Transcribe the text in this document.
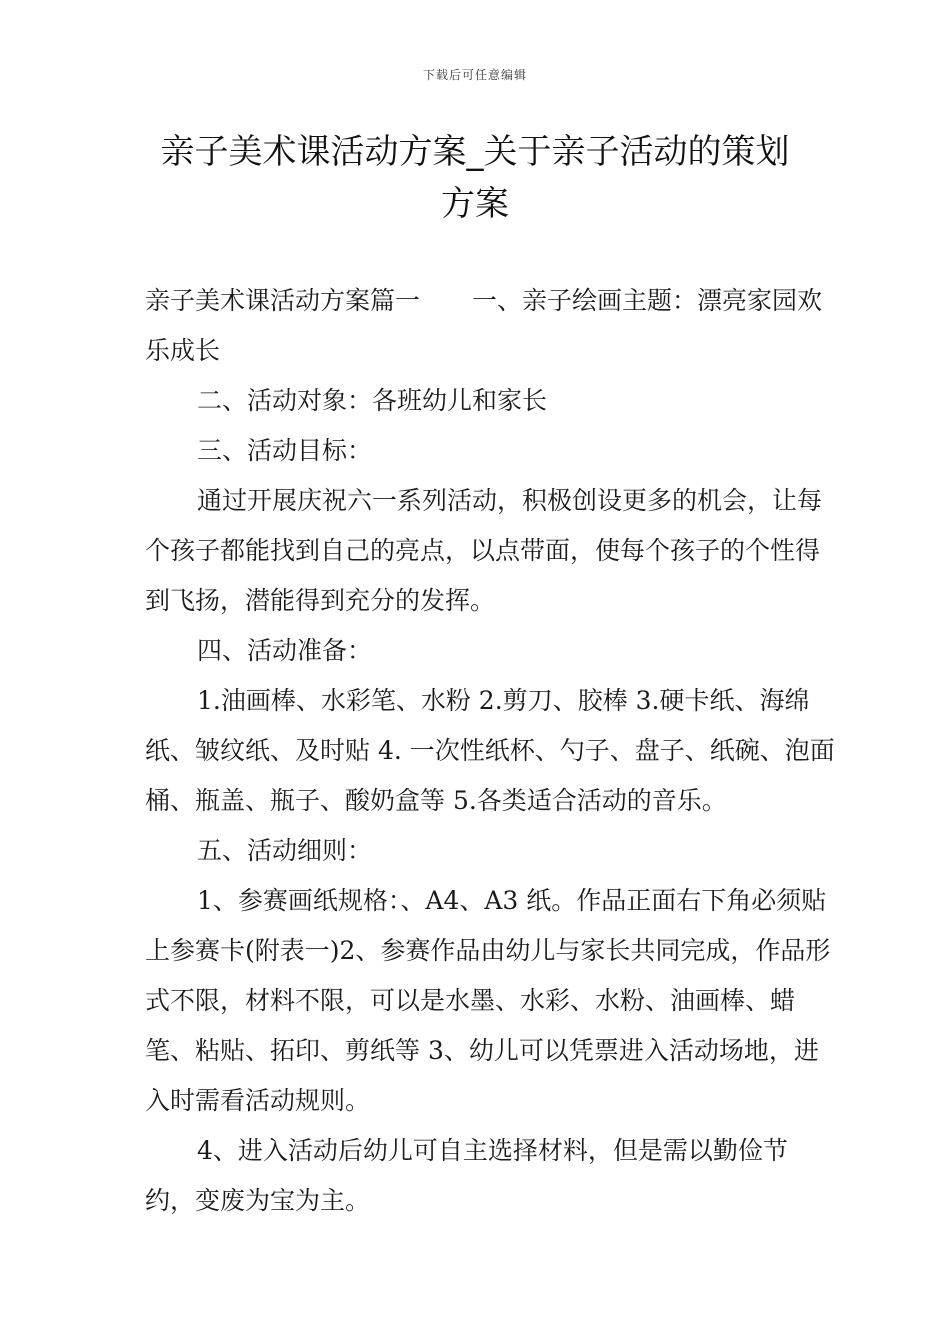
下载后可任意编辑
亲子美术课活动方案_关于亲子活动的策划方案

亲子美术课活动方案篇一 一、亲子绘画主题：漂亮家园欢乐成长

二、活动对象：各班幼儿和家长

三、活动目标：

通过开展庆祝六一系列活动，积极创设更多的机会，让每个孩子都能找到自己的亮点，以点带面，使每个孩子的个性得到飞扬，潜能得到充分的发挥。

四、活动准备：

1.油画棒、水彩笔、水粉 2.剪刀、胶棒 3.硬卡纸、海绵纸、皱纹纸、及时贴 4. 一次性纸杯、勺子、盘子、纸碗、泡面桶、瓶盖、瓶子、酸奶盒等 5.各类适合活动的音乐。

五、活动细则：

1、参赛画纸规格：、A4、A3 纸。作品正面右下角必须贴上参赛卡(附表一)2、参赛作品由幼儿与家长共同完成，作品形式不限，材料不限，可以是水墨、水彩、水粉、油画棒、蜡笔、粘贴、拓印、剪纸等 3、幼儿可以凭票进入活动场地，进入时需看活动规则。

4、进入活动后幼儿可自主选择材料，但是需以勤俭节约，变废为宝为主。
